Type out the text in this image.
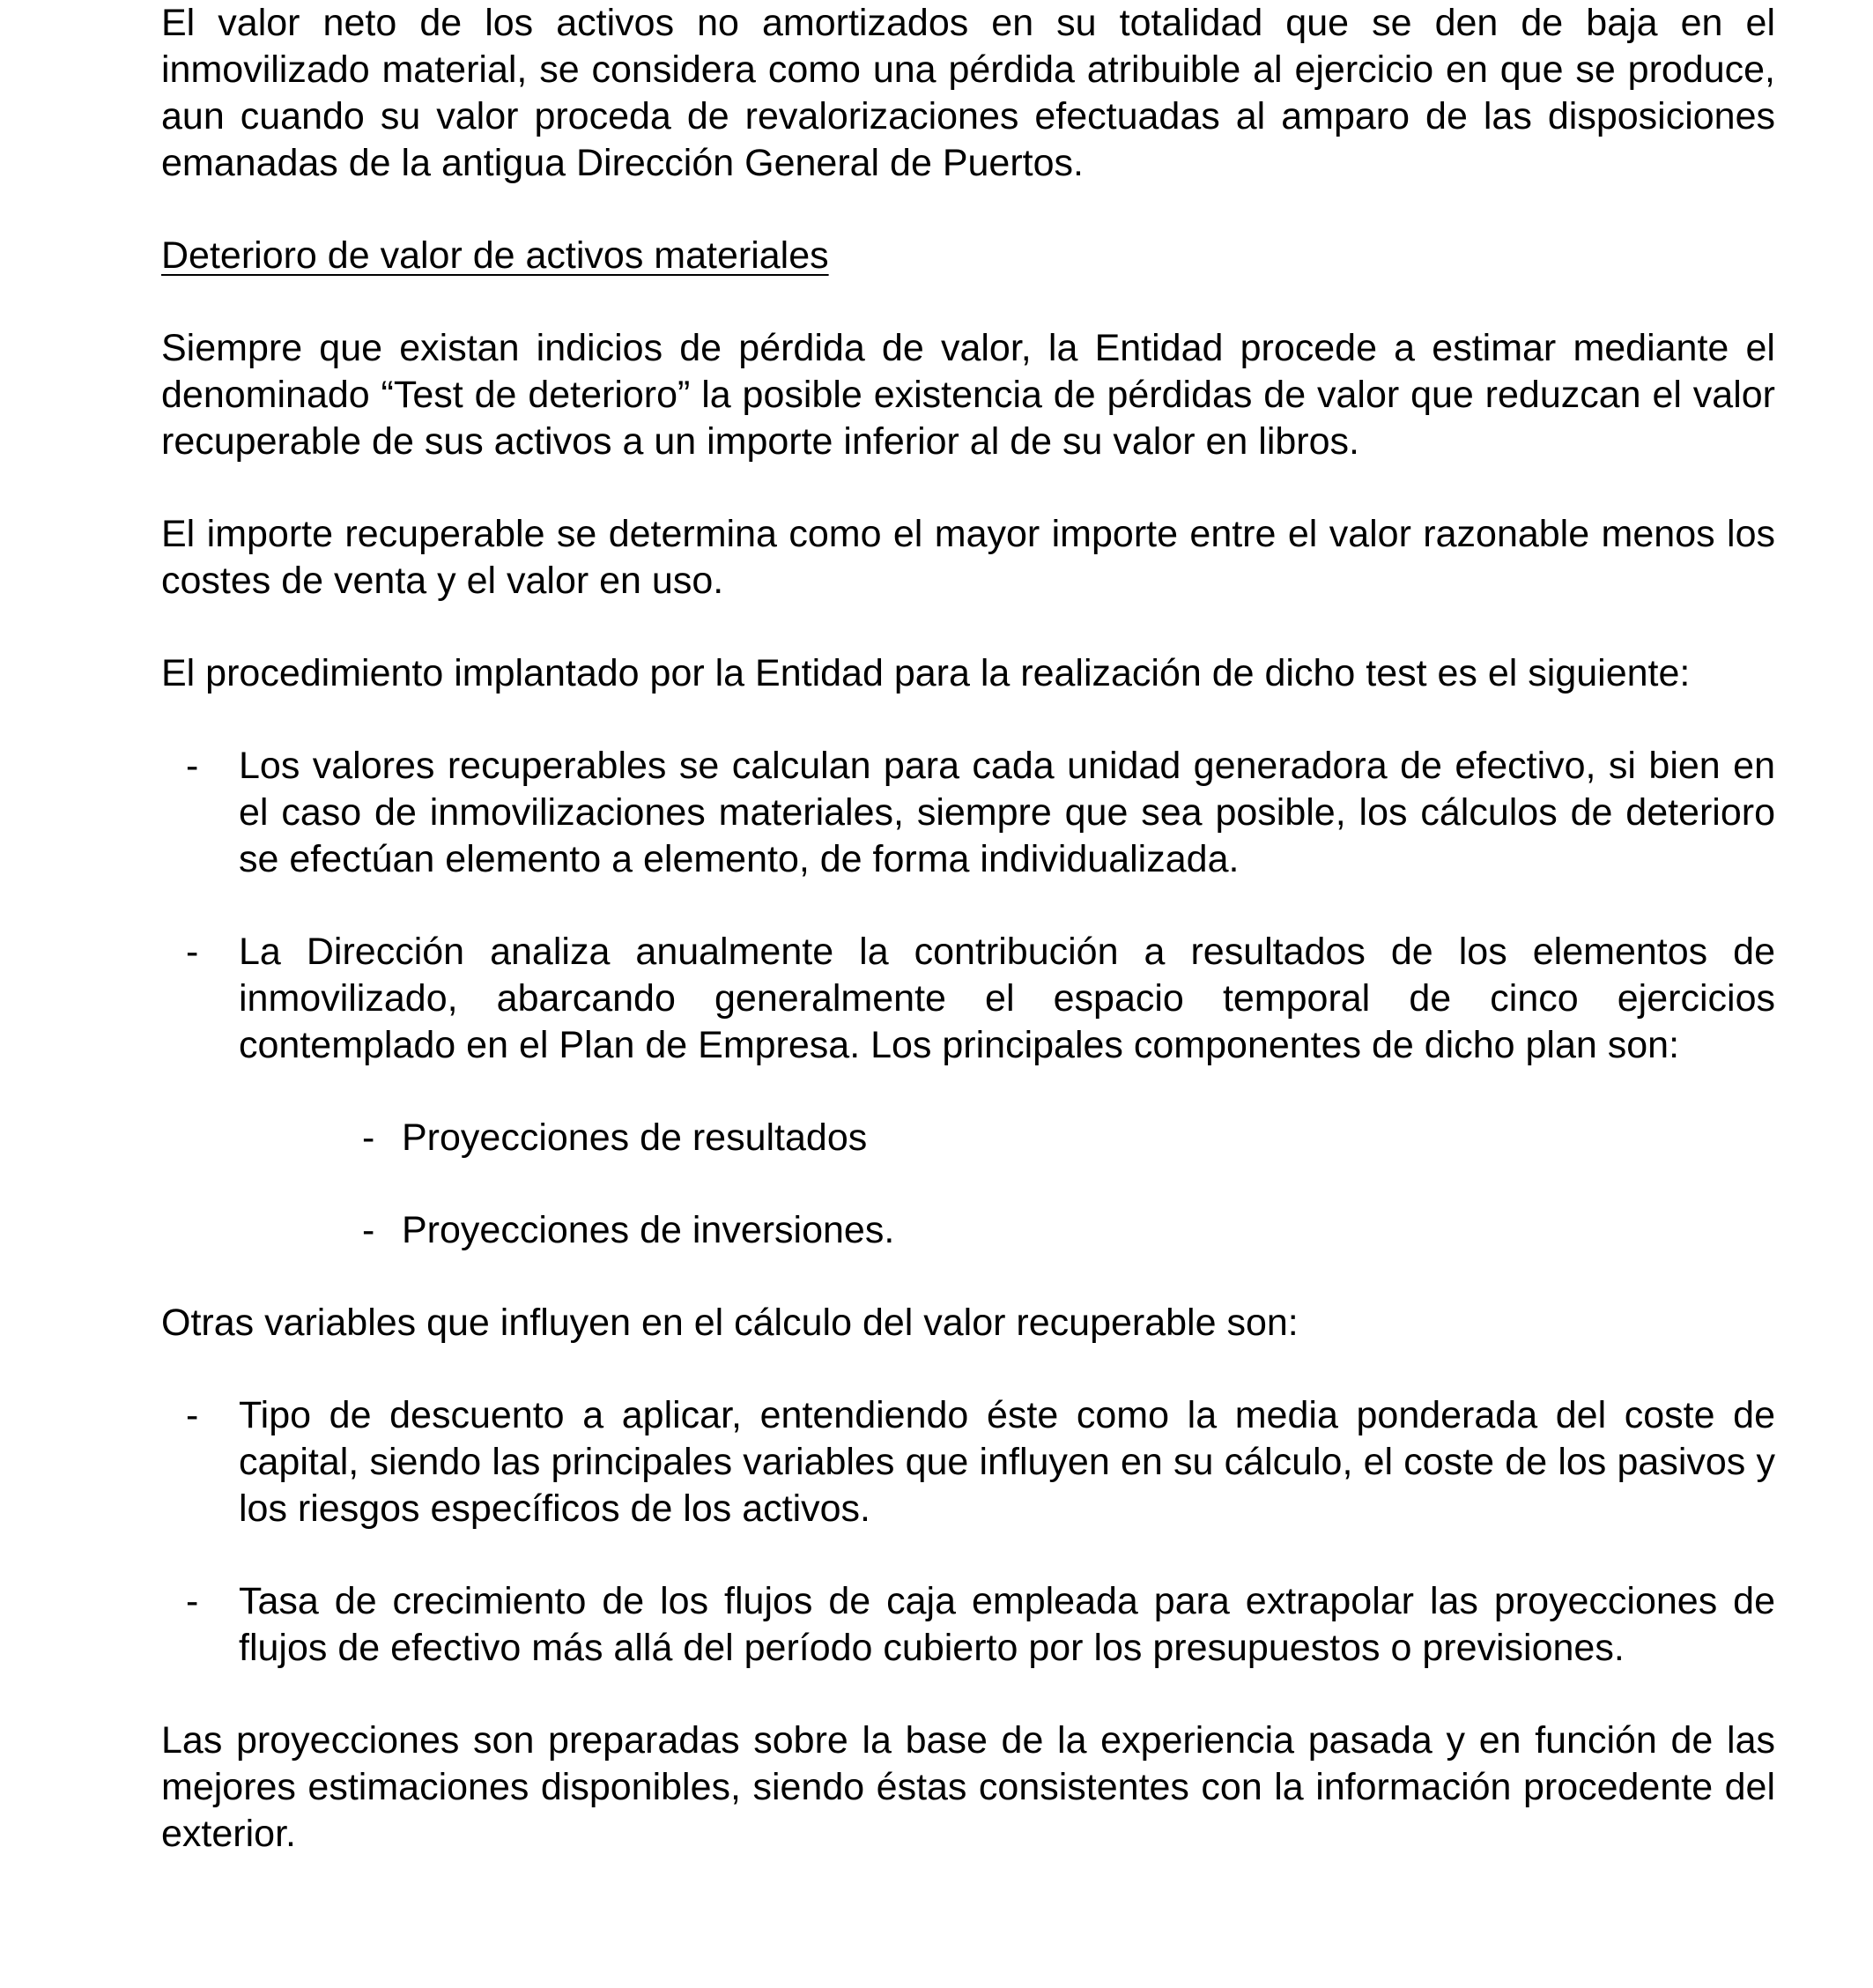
El valor neto de los activos no amortizados en su totalidad que se den de baja en el inmovilizado material, se considera como una pérdida atribuible al ejercicio en que se produce, aun cuando su valor proceda de revalorizaciones efectuadas al amparo de las disposiciones emanadas de la antigua Dirección General de Puertos.

Deterioro de valor de activos materiales

Siempre que existan indicios de pérdida de valor, la Entidad procede a estimar mediante el denominado “Test de deterioro” la posible existencia de pérdidas de valor que reduzcan el valor recuperable de sus activos a un importe inferior al de su valor en libros.

El importe recuperable se determina como el mayor importe entre el valor razonable menos los costes de venta y el valor en uso.

El procedimiento implantado por la Entidad para la realización de dicho test es el siguiente:

-	Los valores recuperables se calculan para cada unidad generadora de efectivo, si bien en el caso de inmovilizaciones materiales, siempre que sea posible, los cálculos de deterioro se efectúan elemento a elemento, de forma individualizada.
-	La Dirección analiza anualmente la contribución a resultados de los elementos de inmovilizado, abarcando generalmente el espacio temporal de cinco ejercicios contemplado en el Plan de Empresa. Los principales componentes de dicho plan son:
- Proyecciones de resultados
- Proyecciones de inversiones.

Otras variables que influyen en el cálculo del valor recuperable son:

-	Tipo de descuento a aplicar, entendiendo éste como la media ponderada del coste de capital, siendo las principales variables que influyen en su cálculo, el coste de los pasivos y los riesgos específicos de los activos.
-	Tasa de crecimiento de los flujos de caja empleada para extrapolar las proyecciones de flujos de efectivo más allá del período cubierto por los presupuestos o previsiones.

Las proyecciones son preparadas sobre la base de la experiencia pasada y en función de las mejores estimaciones disponibles, siendo éstas consistentes con la información procedente del exterior.
